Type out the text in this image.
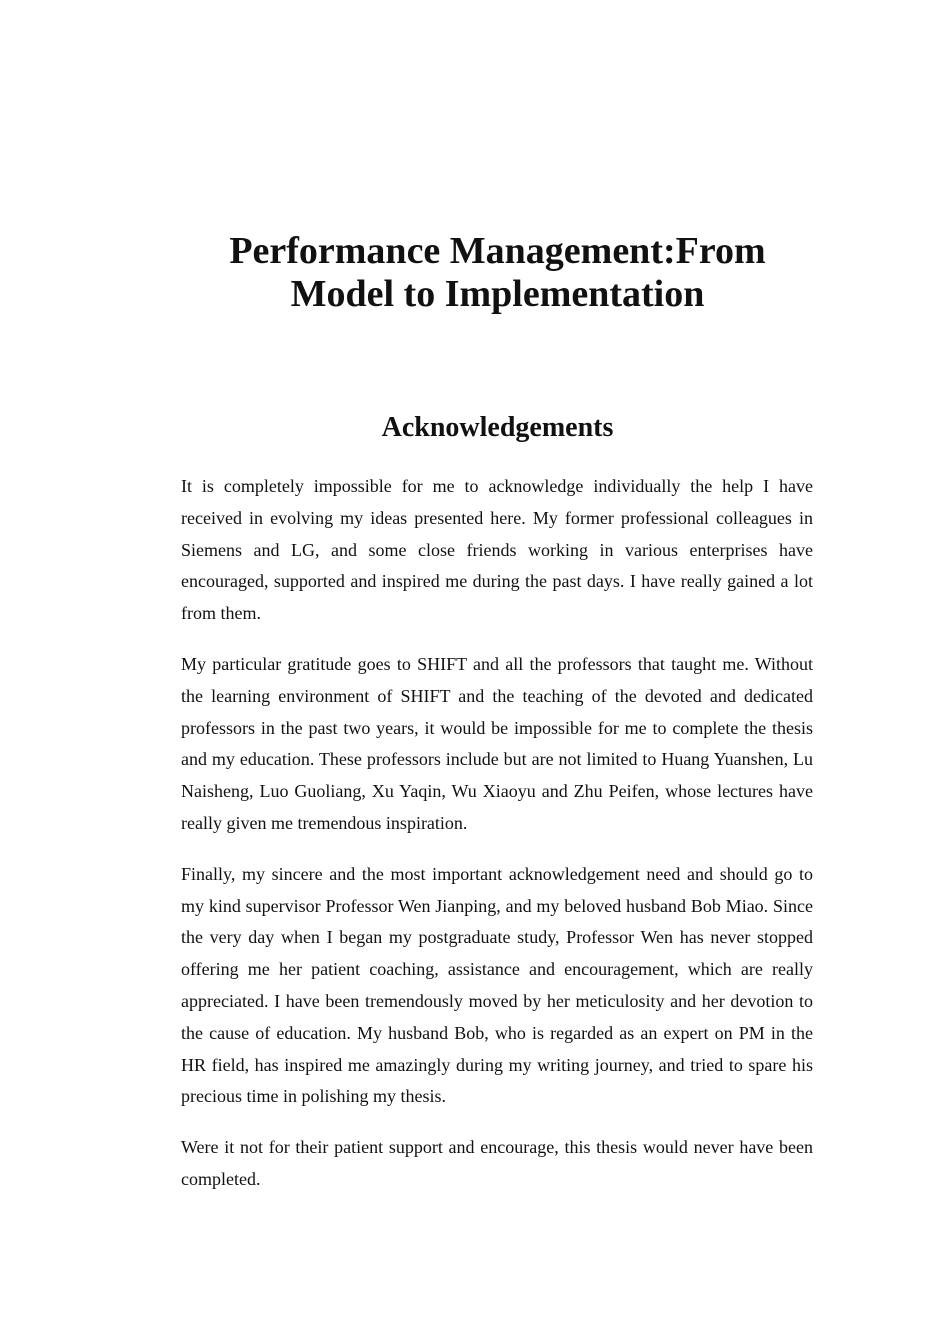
Performance Management:From
Model to Implementation
Acknowledgements

It is completely impossible for me to acknowledge individually the help I have received in evolving my ideas presented here. My former professional colleagues in Siemens and LG, and some close friends working in various enterprises have encouraged, supported and inspired me during the past days. I have really gained a lot from them.

My particular gratitude goes to SHIFT and all the professors that taught me. Without the learning environment of SHIFT and the teaching of the devoted and dedicated professors in the past two years, it would be impossible for me to complete the thesis and my education. These professors include but are not limited to Huang Yuanshen, Lu Naisheng, Luo Guoliang, Xu Yaqin, Wu Xiaoyu and Zhu Peifen, whose lectures have really given me tremendous inspiration.

Finally, my sincere and the most important acknowledgement need and should go to my kind supervisor Professor Wen Jianping, and my beloved husband Bob Miao. Since the very day when I began my postgraduate study, Professor Wen has never stopped offering me her patient coaching, assistance and encouragement, which are really appreciated. I have been tremendously moved by her meticulosity and her devotion to the cause of education. My husband Bob, who is regarded as an expert on PM in the HR field, has inspired me amazingly during my writing journey, and tried to spare his precious time in polishing my thesis.

Were it not for their patient support and encourage, this thesis would never have been completed.
